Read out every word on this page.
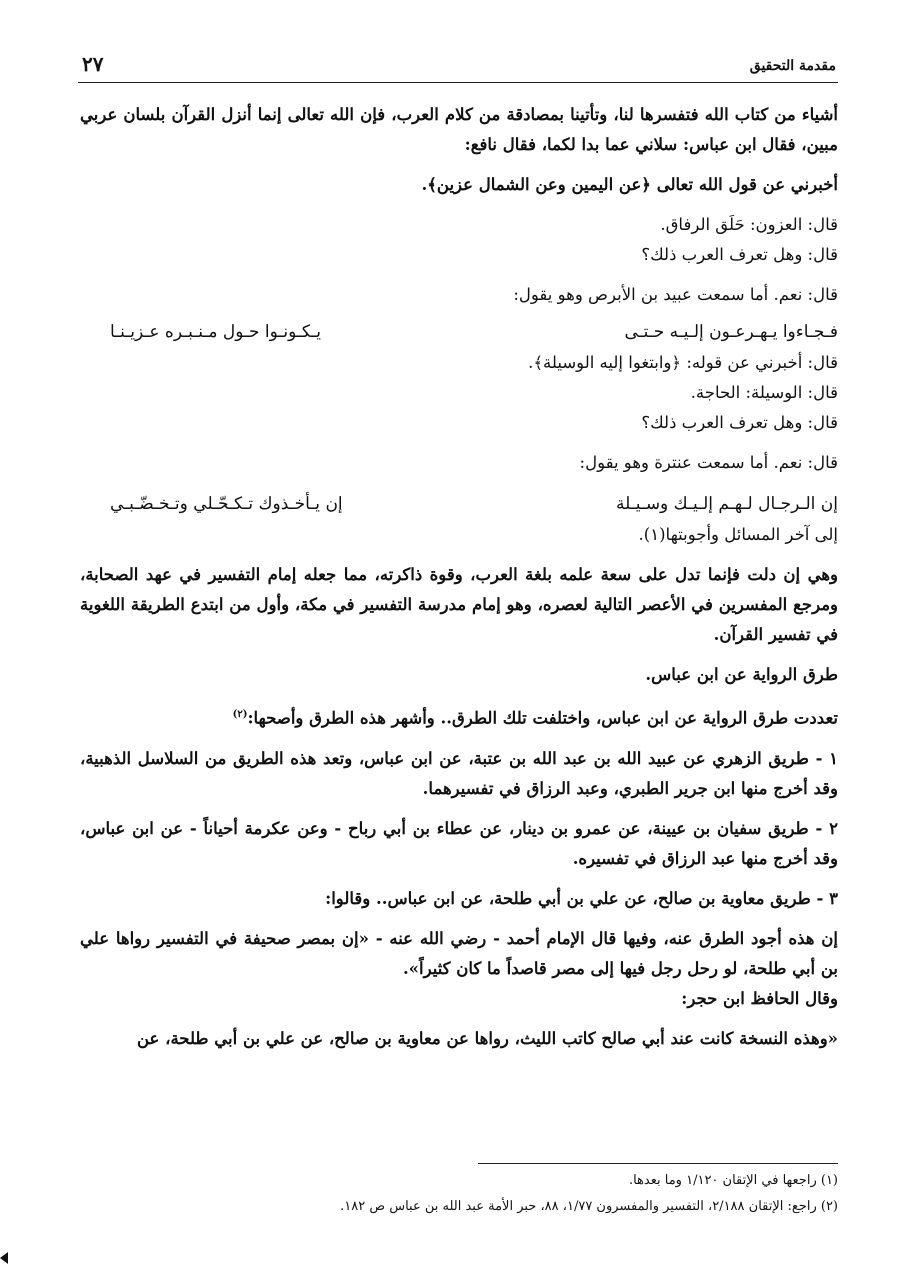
مقدمة التحقيق
٢٧

أشياء من كتاب الله فتفسرها لنا، وتأتينا بمصادقة من كلام العرب، فإن الله تعالى إنما أنزل القرآن بلسان عربي مبين، فقال ابن عباس: سلاني عما بدا لكما، فقال نافع:

أخبرني عن قول الله تعالى ﴿عن اليمين وعن الشمال عزين﴾.

قال: العزون: حَلَق الرفاق.

قال: وهل تعرف العرب ذلك؟

قال: نعم. أما سمعت عبيد بن الأبرص وهو يقول:

فـجـاءوا يـهـرعـون إلـيـه حـتـى
يـكـونـوا حـول مـنـبـره عـزيـنـا

قال: أخبرني عن قوله: ﴿وابتغوا إليه الوسيلة﴾.

قال: الوسيلة: الحاجة.

قال: وهل تعرف العرب ذلك؟

قال: نعم. أما سمعت عنترة وهو يقول:

إن الـرجـال لـهـم إلـيـك وسـيـلة
إن يـأخـذوك تـكـحّـلي وتـخـضّـبـي

إلى آخر المسائل وأجوبتها(١).

وهي إن دلت فإنما تدل على سعة علمه بلغة العرب، وقوة ذاكرته، مما جعله إمام التفسير في عهد الصحابة، ومرجع المفسرين في الأعصر التالية لعصره، وهو إمام مدرسة التفسير في مكة، وأول من ابتدع الطريقة اللغوية في تفسير القرآن.

طرق الرواية عن ابن عباس.

تعددت طرق الرواية عن ابن عباس، واختلفت تلك الطرق.. وأشهر هذه الطرق وأصحها:$^{(٢)}$

١ - طريق الزهري عن عبيد الله بن عبد الله بن عتبة، عن ابن عباس، وتعد هذه الطريق من السلاسل الذهبية، وقد أخرج منها ابن جرير الطبري، وعبد الرزاق في تفسيرهما.

٢ - طريق سفيان بن عيينة، عن عمرو بن دينار، عن عطاء بن أبي رباح - وعن عكرمة أحياناً - عن ابن عباس، وقد أخرج منها عبد الرزاق في تفسيره.

٣ - طريق معاوية بن صالح، عن علي بن أبي طلحة، عن ابن عباس.. وقالوا:

إن هذه أجود الطرق عنه، وفيها قال الإمام أحمد - رضي الله عنه - «إن بمصر صحيفة في التفسير رواها علي بن أبي طلحة، لو رحل رجل فيها إلى مصر قاصداً ما كان كثيراً».

وقال الحافظ ابن حجر:

«وهذه النسخة كانت عند أبي صالح كاتب الليث، رواها عن معاوية بن صالح، عن علي بن أبي طلحة، عن

(١) راجعها في الإتقان ١/١٢٠ وما بعدها.
(٢) راجع: الإتقان ٢/١٨٨، التفسير والمفسرون ١/٧٧، ٨٨، حبر الأمة عبد الله بن عباس ص ١٨٢.
